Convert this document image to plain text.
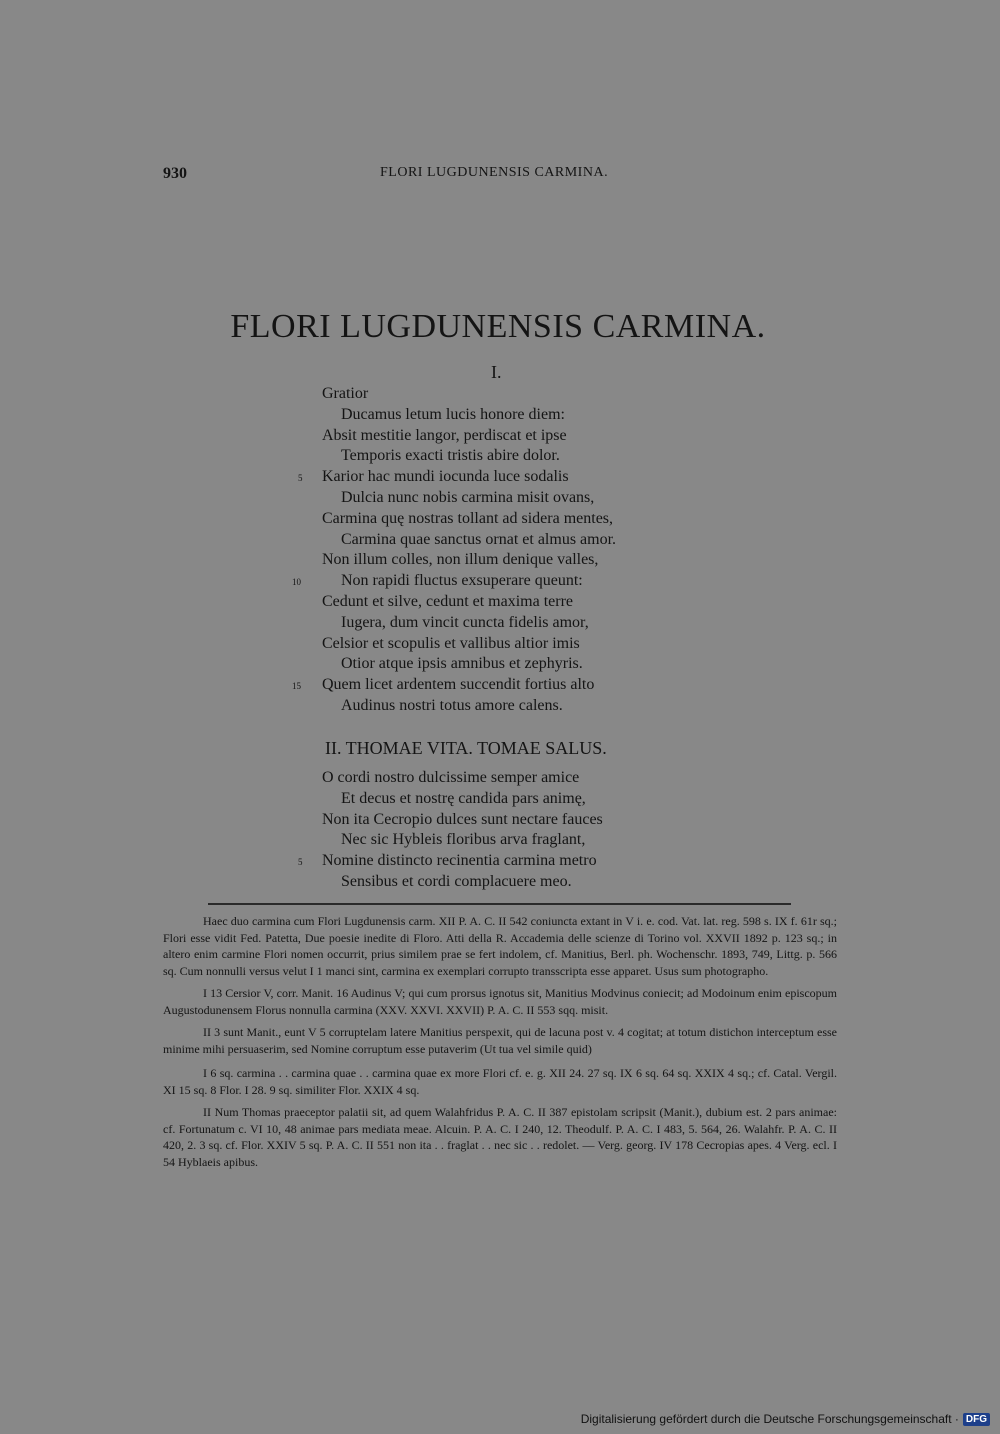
930	FLORI LUGDUNENSIS CARMINA.
FLORI LUGDUNENSIS CARMINA.
I.
Gratior
Ducamus letum lucis honore diem:
Absit mestitie langor, perdiscat et ipse
Temporis exacti tristis abire dolor.
Karior hac mundi iocunda luce sodalis
5
Dulcia nunc nobis carmina misit ovans,
Carmina quę nostras tollant ad sidera mentes,
Carmina quae sanctus ornat et almus amor.
Non illum colles, non illum denique valles,
Non rapidi fluctus exsuperare queunt:
10
Cedunt et silve, cedunt et maxima terre
Iugera, dum vincit cuncta fidelis amor,
Celsior et scopulis et vallibus altior imis
Otior atque ipsis amnibus et zephyris.
Quem licet ardentem succendit fortius alto
15
Audinus nostri totus amore calens.
II. THOMAE VITA. TOMAE SALUS.
O cordi nostro dulcissime semper amice
Et decus et nostrę candida pars animę,
Non ita Cecropio dulces sunt nectare fauces
Nec sic Hybleis floribus arva fraglant,
Nomine distincto recinentia carmina metro
5
Sensibus et cordi complacuere meo.

Haec duo carmina cum Flori Lugdunensis carm. XII P. A. C. II 542 coniuncta extant in V i. e. cod. Vat. lat. reg. 598 s. IX f. 61r sq.; Flori esse vidit Fed. Patetta, Due poesie inedite di Floro. Atti della R. Accademia delle scienze di Torino vol. XXVII 1892 p. 123 sq.; in altero enim carmine Flori nomen occurrit, prius similem prae se fert indolem, cf. Manitius, Berl. ph. Wochenschr. 1893, 749, Littg. p. 566 sq. Cum nonnulli versus velut I 1 manci sint, carmina ex exemplari corrupto transscripta esse apparet. Usus sum photographo.

I 13 Cersior V, corr. Manit. 16 Audinus V; qui cum prorsus ignotus sit, Manitius Modvinus coniecit; ad Modoinum enim episcopum Augustodunensem Florus nonnulla carmina (XXV. XXVI. XXVII) P. A. C. II 553 sqq. misit.

II 3 sunt Manit., eunt V 5 corruptelam latere Manitius perspexit, qui de lacuna post v. 4 cogitat; at totum distichon interceptum esse minime mihi persuaserim, sed Nomine corruptum esse putaverim (Ut tua vel simile quid)

I 6 sq. carmina . . carmina quae . . carmina quae ex more Flori cf. e. g. XII 24. 27 sq. IX 6 sq. 64 sq. XXIX 4 sq.; cf. Catal. Vergil. XI 15 sq. 8 Flor. I 28. 9 sq. similiter Flor. XXIX 4 sq.

II Num Thomas praeceptor palatii sit, ad quem Walahfridus P. A. C. II 387 epistolam scripsit (Manit.), dubium est. 2 pars animae: cf. Fortunatum c. VI 10, 48 animae pars mediata meae. Alcuin. P. A. C. I 240, 12. Theodulf. P. A. C. I 483, 5. 564, 26. Walahfr. P. A. C. II 420, 2. 3 sq. cf. Flor. XXIV 5 sq. P. A. C. II 551 non ita . . fraglat . . nec sic . . redolet. — Verg. georg. IV 178 Cecropias apes. 4 Verg. ecl. I 54 Hyblaeis apibus.

Digitalisierung gefördert durch die Deutsche Forschungsgemeinschaft · DFG
